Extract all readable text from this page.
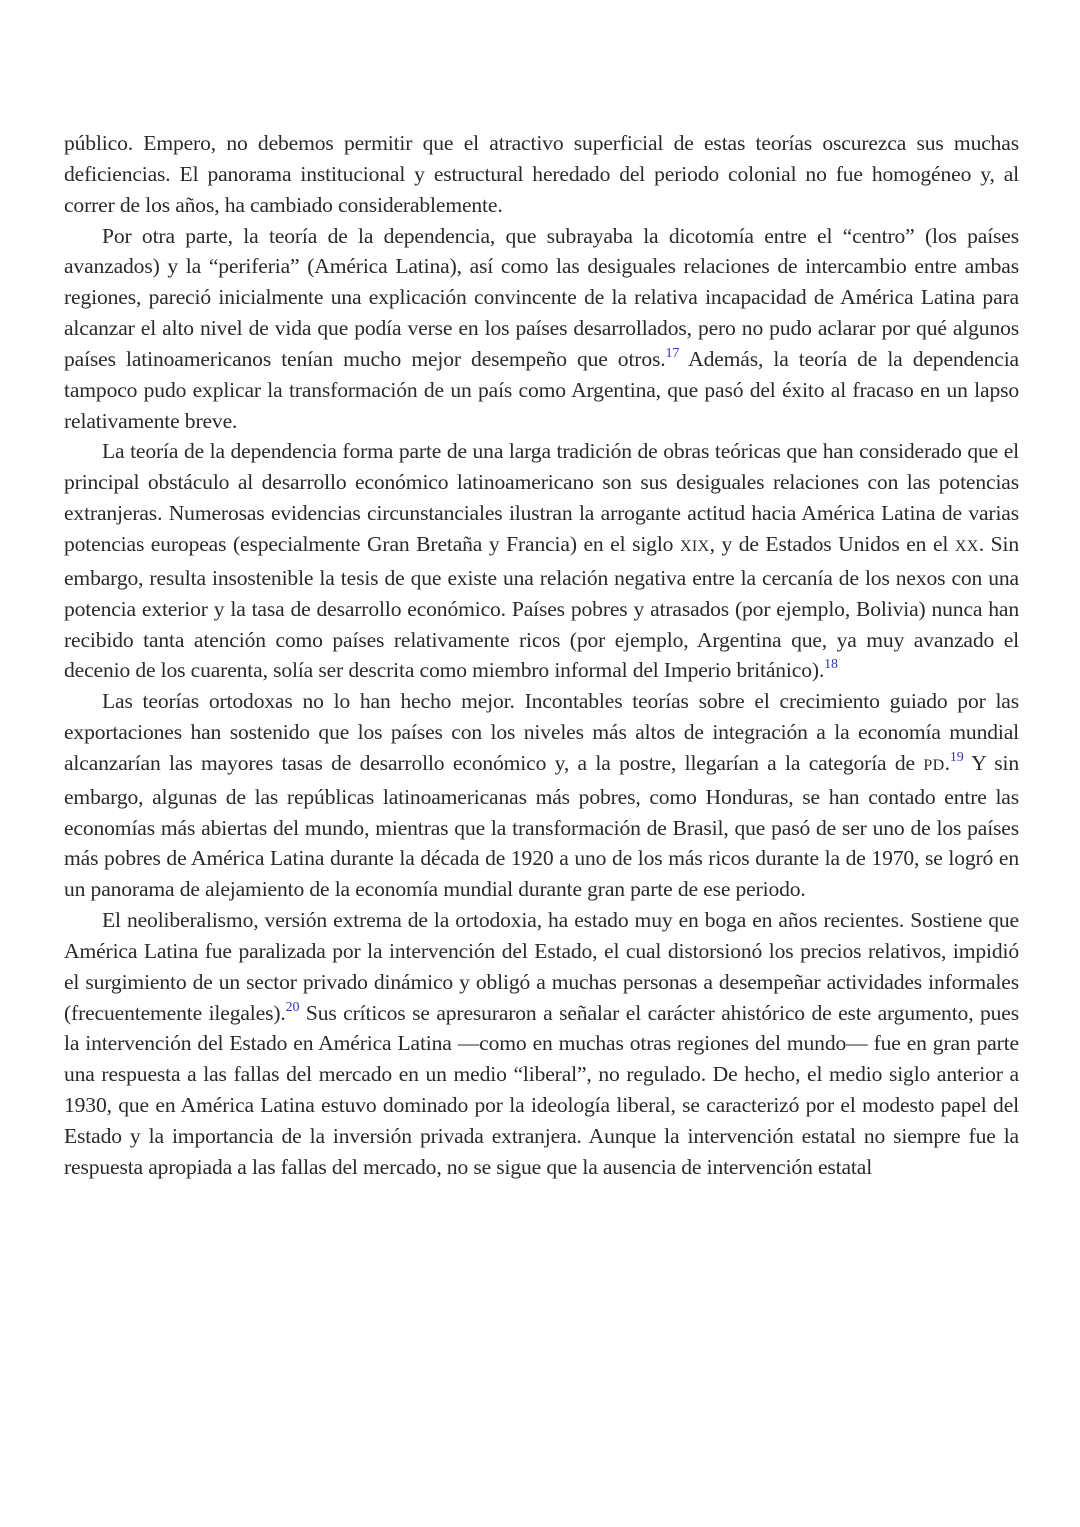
público. Empero, no debemos permitir que el atractivo superficial de estas teorías oscurezca sus muchas deficiencias. El panorama institucional y estructural heredado del periodo colonial no fue homogéneo y, al correr de los años, ha cambiado considerablemente.

Por otra parte, la teoría de la dependencia, que subrayaba la dicotomía entre el “centro” (los países avanzados) y la “periferia” (América Latina), así como las desiguales relaciones de intercambio entre ambas regiones, pareció inicialmente una explicación convincente de la relativa incapacidad de América Latina para alcanzar el alto nivel de vida que podía verse en los países desarrollados, pero no pudo aclarar por qué algunos países latinoamericanos tenían mucho mejor desempeño que otros.$^{17}$ Además, la teoría de la dependencia tampoco pudo explicar la transformación de un país como Argentina, que pasó del éxito al fracaso en un lapso relativamente breve.

La teoría de la dependencia forma parte de una larga tradición de obras teóricas que han considerado que el principal obstáculo al desarrollo económico latinoamericano son sus desiguales relaciones con las potencias extranjeras. Numerosas evidencias circunstanciales ilustran la arrogante actitud hacia América Latina de varias potencias europeas (especialmente Gran Bretaña y Francia) en el siglo XIX, y de Estados Unidos en el XX. Sin embargo, resulta insostenible la tesis de que existe una relación negativa entre la cercanía de los nexos con una potencia exterior y la tasa de desarrollo económico. Países pobres y atrasados (por ejemplo, Bolivia) nunca han recibido tanta atención como países relativamente ricos (por ejemplo, Argentina que, ya muy avanzado el decenio de los cuarenta, solía ser descrita como miembro informal del Imperio británico).$^{18}$

Las teorías ortodoxas no lo han hecho mejor. Incontables teorías sobre el crecimiento guiado por las exportaciones han sostenido que los países con los niveles más altos de integración a la economía mundial alcanzarían las mayores tasas de desarrollo económico y, a la postre, llegarían a la categoría de PD.$^{19}$ Y sin embargo, algunas de las repúblicas latinoamericanas más pobres, como Honduras, se han contado entre las economías más abiertas del mundo, mientras que la transformación de Brasil, que pasó de ser uno de los países más pobres de América Latina durante la década de 1920 a uno de los más ricos durante la de 1970, se logró en un panorama de alejamiento de la economía mundial durante gran parte de ese periodo.

El neoliberalismo, versión extrema de la ortodoxia, ha estado muy en boga en años recientes. Sostiene que América Latina fue paralizada por la intervención del Estado, el cual distorsionó los precios relativos, impidió el surgimiento de un sector privado dinámico y obligó a muchas personas a desempeñar actividades informales (frecuentemente ilegales).$^{20}$ Sus críticos se apresuraron a señalar el carácter ahistórico de este argumento, pues la intervención del Estado en América Latina —como en muchas otras regiones del mundo— fue en gran parte una respuesta a las fallas del mercado en un medio “liberal”, no regulado. De hecho, el medio siglo anterior a 1930, que en América Latina estuvo dominado por la ideología liberal, se caracterizó por el modesto papel del Estado y la importancia de la inversión privada extranjera. Aunque la intervención estatal no siempre fue la respuesta apropiada a las fallas del mercado, no se sigue que la ausencia de intervención estatal
